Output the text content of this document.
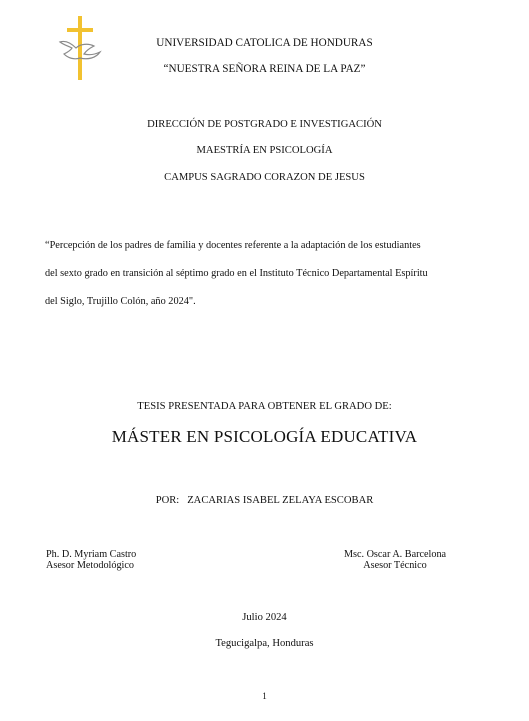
UNIVERSIDAD CATOLICA DE HONDURAS
“NUESTRA SEÑORA REINA DE LA PAZ”
DIRECCIÓN DE POSTGRADO E INVESTIGACIÓN
MAESTRÍA EN PSICOLOGÍA
CAMPUS SAGRADO CORAZON DE JESUS
“Percepción de los padres de familia y docentes referente a la adaptación de los estudiantes
del sexto grado en transición al séptimo grado en el Instituto Técnico Departamental Espíritu
del Siglo, Trujillo Colón, año 2024".
TESIS PRESENTADA PARA OBTENER EL GRADO DE:
MÁSTER EN PSICOLOGÍA EDUCATIVA
POR: ZACARIAS ISABEL ZELAYA ESCOBAR
Ph. D. Myriam Castro
Asesor Metodológico
Msc. Oscar A. Barcelona
Asesor Técnico
Julio 2024
Tegucigalpa, Honduras
1
